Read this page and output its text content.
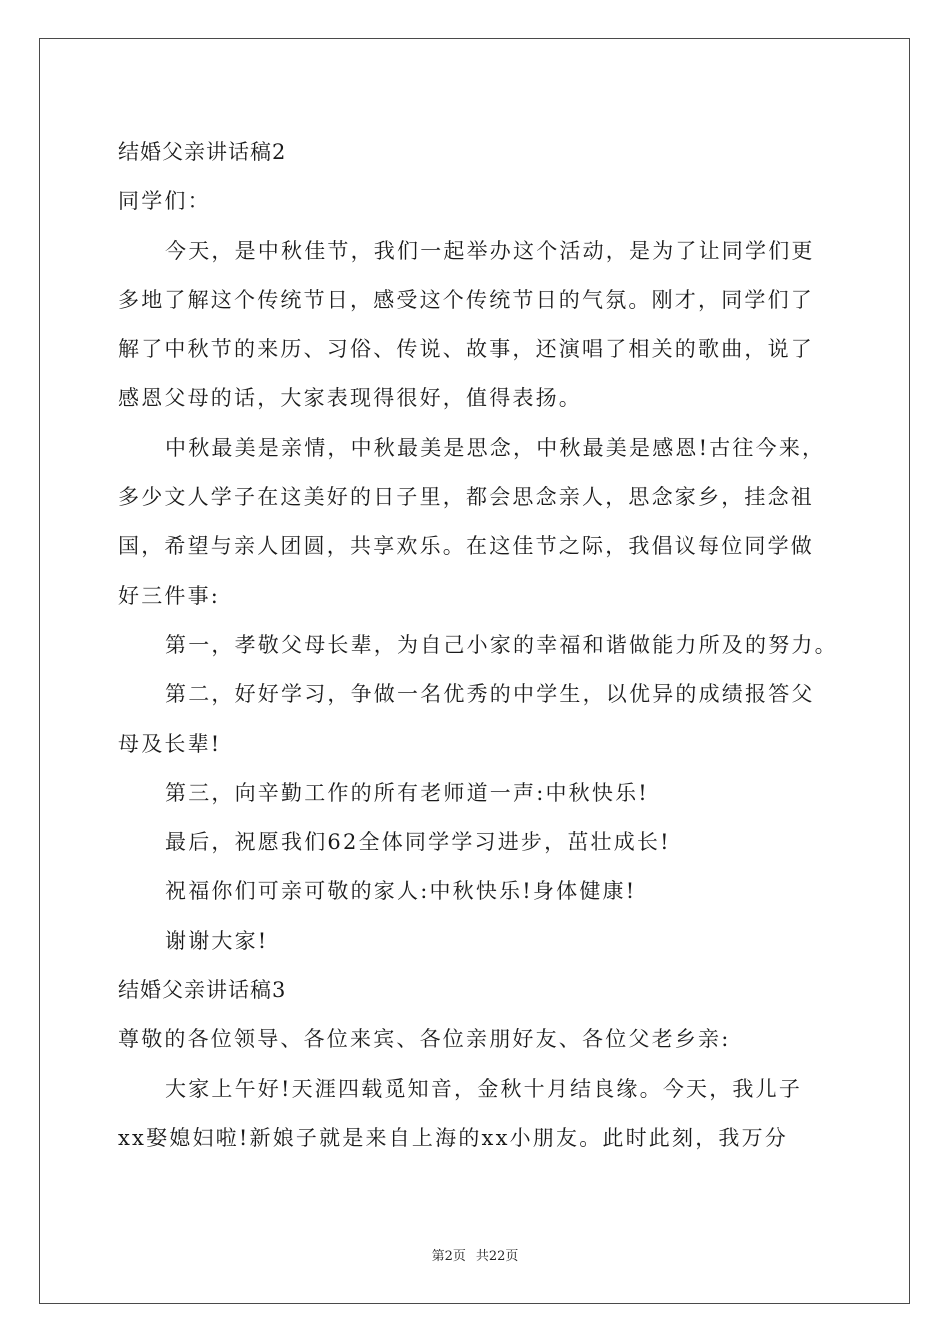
结婚父亲讲话稿2
同学们：
今天，是中秋佳节，我们一起举办这个活动，是为了让同学们更
多地了解这个传统节日，感受这个传统节日的气氛。刚才，同学们了
解了中秋节的来历、习俗、传说、故事，还演唱了相关的歌曲，说了
感恩父母的话，大家表现得很好，值得表扬。
中秋最美是亲情，中秋最美是思念，中秋最美是感恩!古往今来，
多少文人学子在这美好的日子里，都会思念亲人，思念家乡，挂念祖
国，希望与亲人团圆，共享欢乐。在这佳节之际，我倡议每位同学做
好三件事:
第一，孝敬父母长辈，为自己小家的幸福和谐做能力所及的努力。
第二，好好学习，争做一名优秀的中学生，以优异的成绩报答父
母及长辈!
第三，向辛勤工作的所有老师道一声:中秋快乐!
最后，祝愿我们62全体同学学习进步，茁壮成长!
祝福你们可亲可敬的家人:中秋快乐!身体健康!
谢谢大家!
结婚父亲讲话稿3
尊敬的各位领导、各位来宾、各位亲朋好友、各位父老乡亲:
大家上午好!天涯四载觅知音，金秋十月结良缘。今天，我儿子
xx娶媳妇啦!新娘子就是来自上海的xx小朋友。此时此刻，我万分
第2页 共22页
